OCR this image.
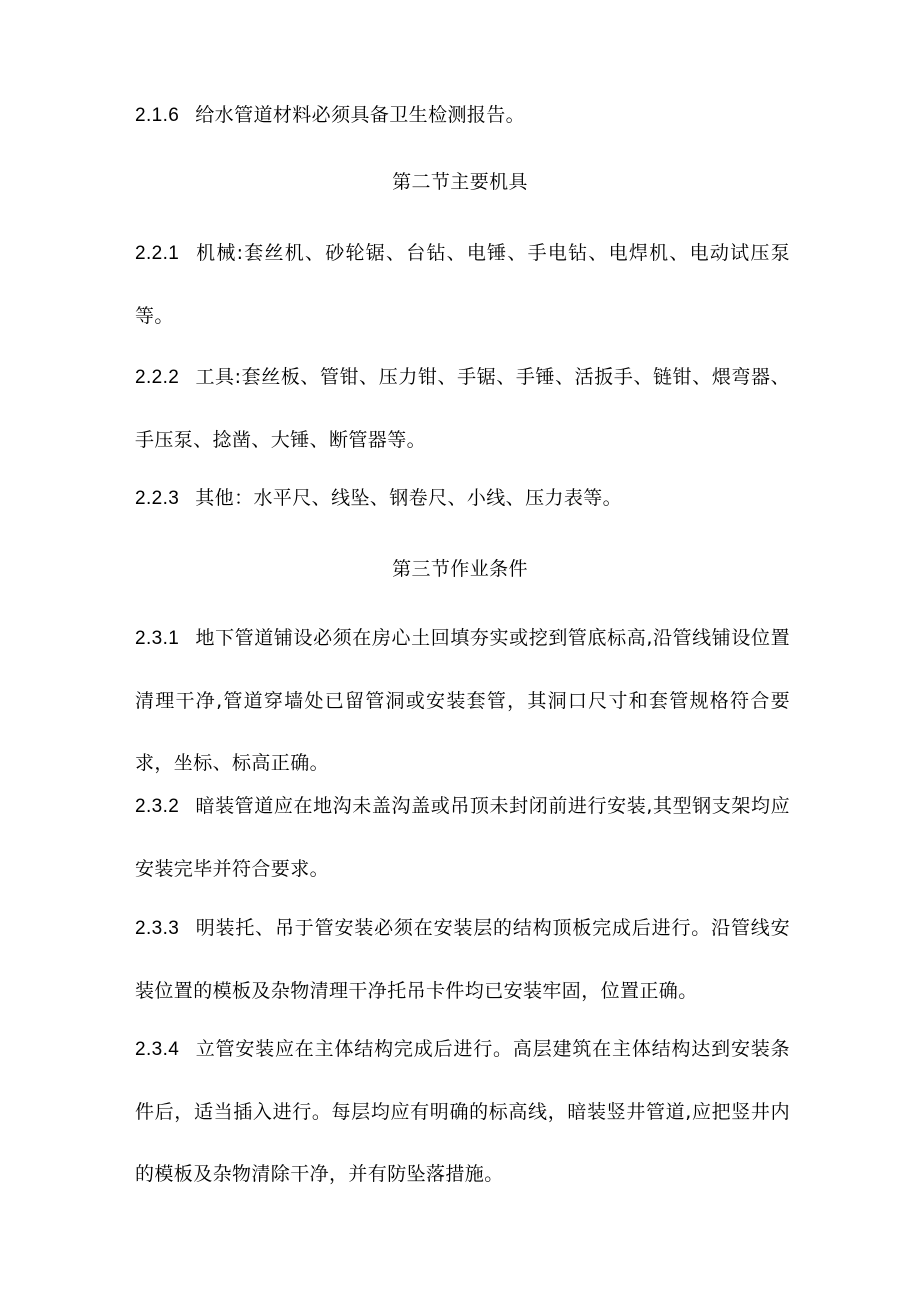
2.1.6 给水管道材料必须具备卫生检测报告。

第二节主要机具

2.2.1 机械:套丝机、砂轮锯、台钻、电锤、手电钻、电焊机、电动试压泵等。

2.2.2 工具:套丝板、管钳、压力钳、手锯、手锤、活扳手、链钳、煨弯器、手压泵、捻凿、大锤、断管器等。

2.2.3 其他：水平尺、线坠、钢卷尺、小线、压力表等。

第三节作业条件

2.3.1 地下管道铺设必须在房心土回填夯实或挖到管底标高,沿管线铺设位置清理干净,管道穿墙处已留管洞或安装套管，其洞口尺寸和套管规格符合要求，坐标、标高正确。

2.3.2 暗装管道应在地沟未盖沟盖或吊顶未封闭前进行安装,其型钢支架均应安装完毕并符合要求。

2.3.3 明装托、吊于管安装必须在安装层的结构顶板完成后进行。沿管线安装位置的模板及杂物清理干净托吊卡件均已安装牢固，位置正确。

2.3.4 立管安装应在主体结构完成后进行。高层建筑在主体结构达到安装条件后，适当插入进行。每层均应有明确的标高线，暗装竖井管道,应把竖井内的模板及杂物清除干净，并有防坠落措施。
